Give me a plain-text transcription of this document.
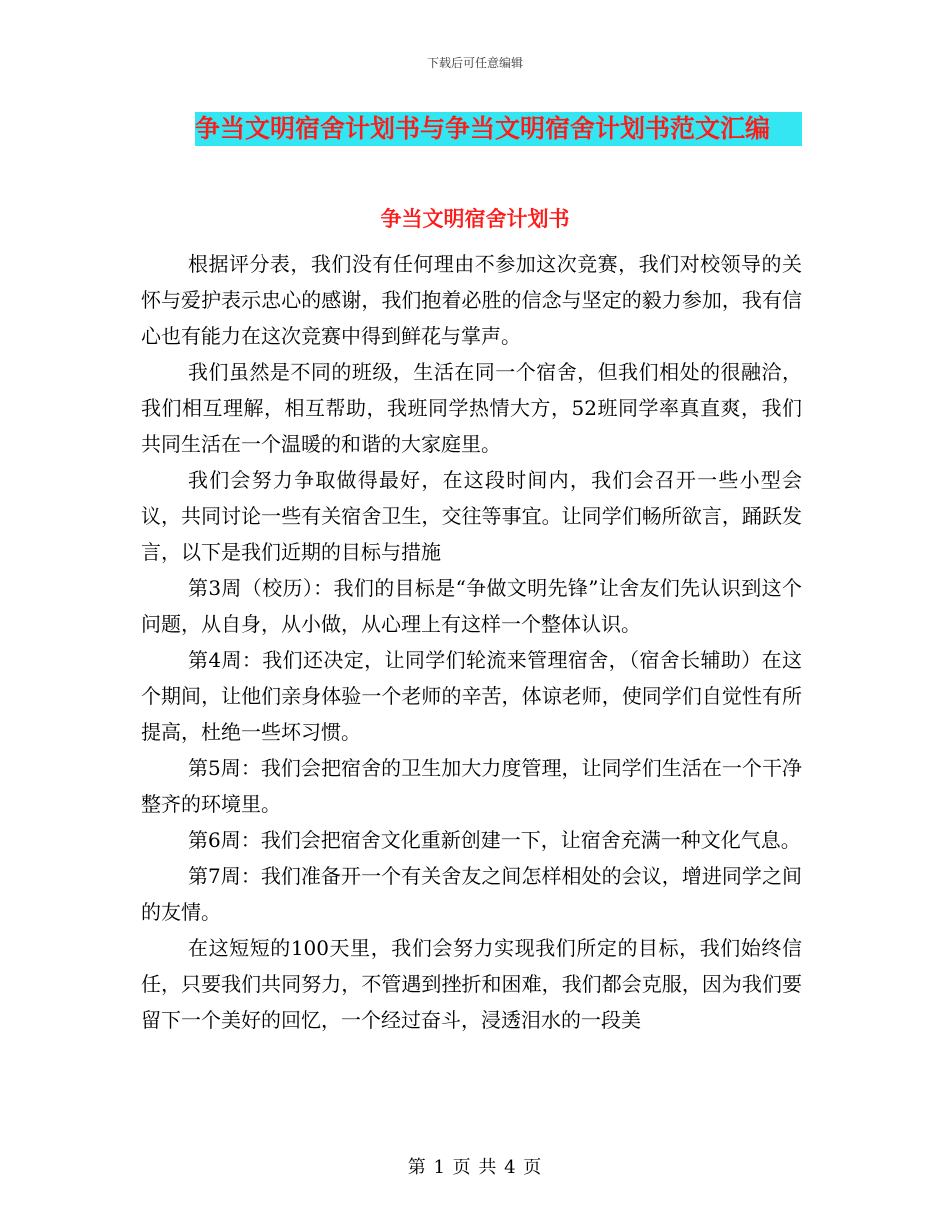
下载后可任意编辑
争当文明宿舍计划书与争当文明宿舍计划书范文汇编
争当文明宿舍计划书

根据评分表，我们没有任何理由不参加这次竞赛，我们对校领导的关怀与爱护表示忠心的感谢，我们抱着必胜的信念与坚定的毅力参加，我有信心也有能力在这次竞赛中得到鲜花与掌声。

我们虽然是不同的班级，生活在同一个宿舍，但我们相处的很融洽，我们相互理解，相互帮助，我班同学热情大方，52班同学率真直爽，我们共同生活在一个温暖的和谐的大家庭里。

我们会努力争取做得最好，在这段时间内，我们会召开一些小型会议，共同讨论一些有关宿舍卫生，交往等事宜。让同学们畅所欲言，踊跃发言，以下是我们近期的目标与措施

第3周（校历）：我们的目标是“争做文明先锋”让舍友们先认识到这个问题，从自身，从小做，从心理上有这样一个整体认识。

第4周：我们还决定，让同学们轮流来管理宿舍，（宿舍长辅助）在这个期间，让他们亲身体验一个老师的辛苦，体谅老师，使同学们自觉性有所提高，杜绝一些坏习惯。

第5周：我们会把宿舍的卫生加大力度管理，让同学们生活在一个干净整齐的环境里。

第6周：我们会把宿舍文化重新创建一下，让宿舍充满一种文化气息。

第7周：我们准备开一个有关舍友之间怎样相处的会议，增进同学之间的友情。

在这短短的100天里，我们会努力实现我们所定的目标，我们始终信任，只要我们共同努力，不管遇到挫折和困难，我们都会克服，因为我们要留下一个美好的回忆，一个经过奋斗，浸透泪水的一段美

第 1 页 共 4 页
